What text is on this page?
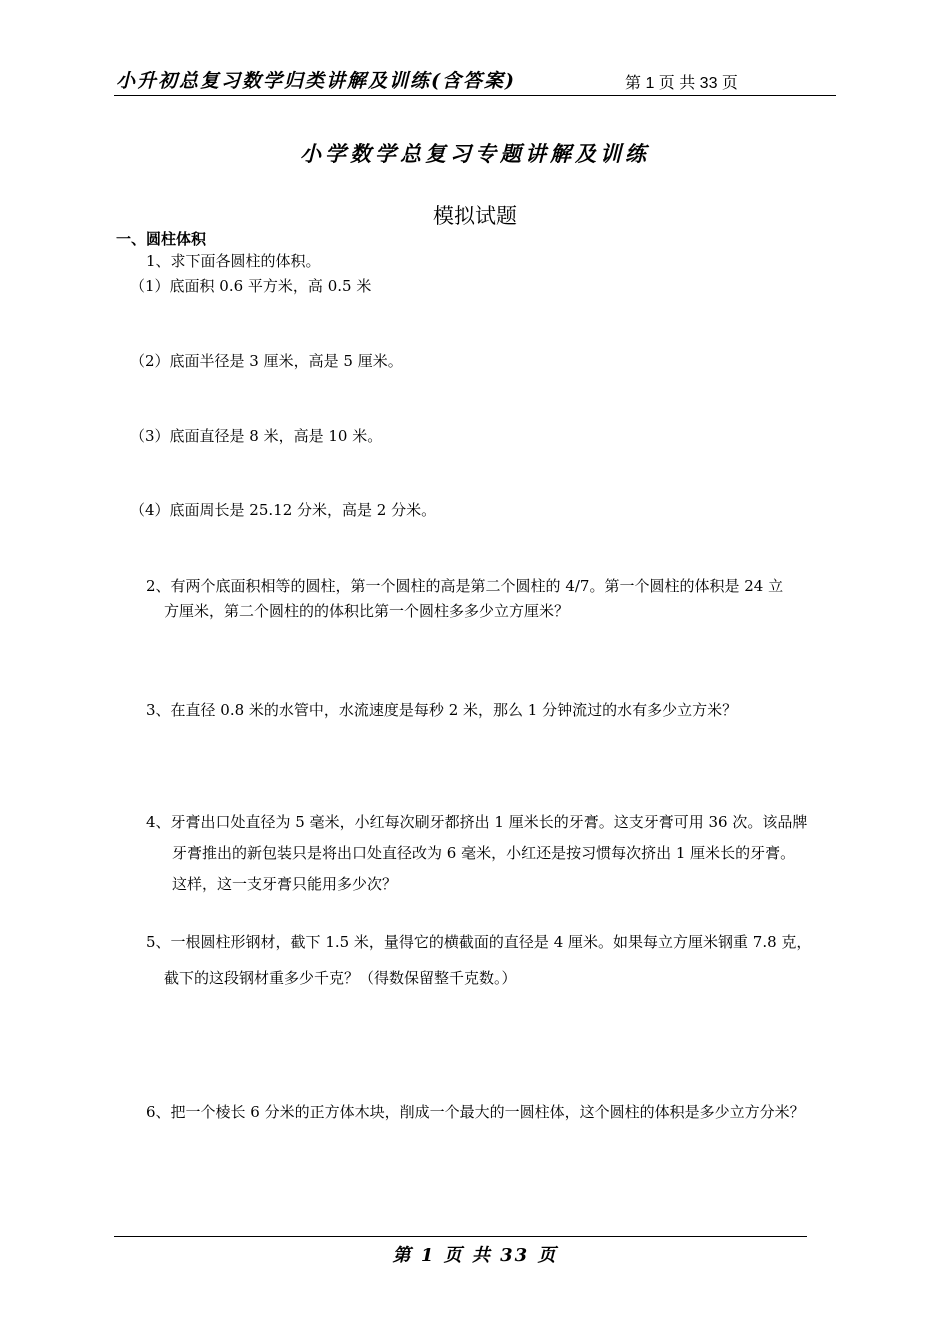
小升初总复习数学归类讲解及训练(含答案)	第 1 页 共 33 页
小学数学总复习专题讲解及训练
模拟试题
一、圆柱体积
1、求下面各圆柱的体积。
（1）底面积 0.6 平方米，高 0.5 米
（2）底面半径是 3 厘米，高是 5 厘米。
（3）底面直径是 8 米，高是 10 米。
（4）底面周长是 25.12 分米，高是 2 分米。
2、有两个底面积相等的圆柱，第一个圆柱的高是第二个圆柱的 4/7。第一个圆柱的体积是 24 立
方厘米，第二个圆柱的的体积比第一个圆柱多多少立方厘米？
3、在直径 0.8 米的水管中，水流速度是每秒 2 米，那么 1 分钟流过的水有多少立方米？
4、牙膏出口处直径为 5 毫米，小红每次刷牙都挤出 1 厘米长的牙膏。这支牙膏可用 36 次。该品牌
牙膏推出的新包装只是将出口处直径改为 6 毫米，小红还是按习惯每次挤出 1 厘米长的牙膏。
这样，这一支牙膏只能用多少次？
5、一根圆柱形钢材，截下 1.5 米，量得它的横截面的直径是 4 厘米。如果每立方厘米钢重 7.8 克，
截下的这段钢材重多少千克？（得数保留整千克数。）
6、把一个棱长 6 分米的正方体木块，削成一个最大的一圆柱体，这个圆柱的体积是多少立方分米？
第 1 页 共 33 页
